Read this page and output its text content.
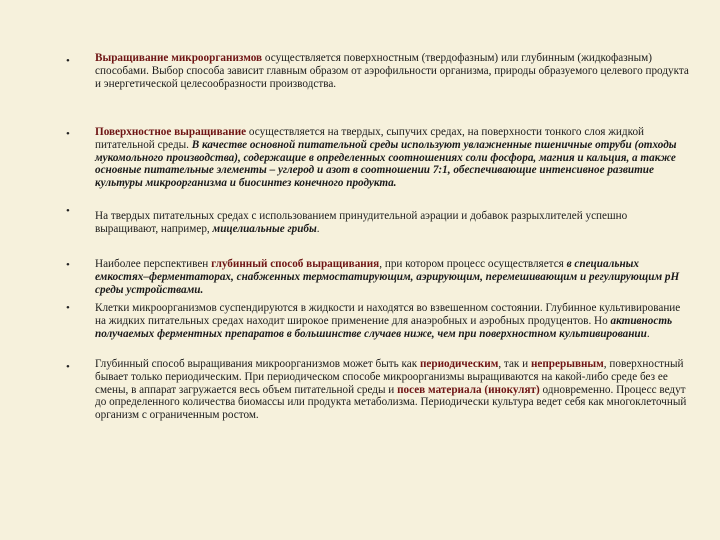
•
•
•
•
•
•

Выращивание микроорганизмов осуществляется поверхностным (твердофазным) или глубинным (жидкофазным) способами. Выбор способа зависит главным образом от аэрофильности организма, природы образуемого целевого продукта и энергетической целесообразности производства.

Поверхностное выращивание осуществляется на твердых, сыпучих средах, на поверхности тонкого слоя жидкой питательной среды. В качестве основной питательной среды используют увлажненные пшеничные отруби (отходы мукомольного производства), содержащие в определенных соотношениях соли фосфора, магния и кальция, а также основные питательные элементы – углерод и азот в соотношении 7:1, обеспечивающие интенсивное развитие культуры микроорганизма и биосинтез конечного продукта.

На твердых питательных средах с использованием принудительной аэрации и добавок разрыхлителей успешно выращивают, например, мицелиальные грибы.

Наиболее перспективен глубинный способ выращивания, при котором процесс осуществляется в специальных емкостях–ферментаторах, снабженных термостатирующим, аэрирующим, перемешивающим и регулирующим рН среды устройствами.

Клетки микроорганизмов суспендируются в жидкости и находятся во взвешенном состоянии. Глубинное культивирование на жидких питательных средах находит широкое применение для анаэробных и аэробных продуцентов. Но активность получаемых ферментных препаратов в большинстве случаев ниже, чем при поверхностном культивировании.

Глубинный способ выращивания микроорганизмов может быть как периодическим, так и непрерывным, поверхностный бывает только периодическим. При периодическом способе микроорганизмы выращиваются на какой-либо среде без ее смены, в аппарат загружается весь объем питательной среды и посев материала (инокулят) одновременно. Процесс ведут до определенного количества биомассы или продукта метаболизма. Периодически культура ведет себя как многоклеточный организм с ограниченным ростом.
